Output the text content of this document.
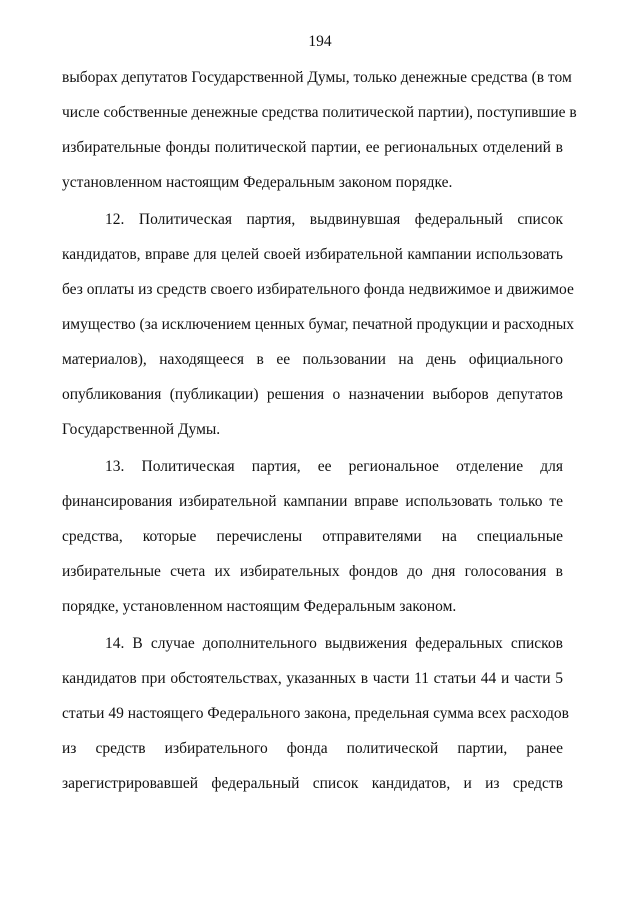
194
выборах депутатов Государственной Думы, только денежные средства (в том
числе собственные денежные средства политической партии), поступившие в
избирательные фонды политической партии, ее региональных отделений в
установленном настоящим Федеральным законом порядке.
12. Политическая партия, выдвинувшая федеральный список
кандидатов, вправе для целей своей избирательной кампании использовать
без оплаты из средств своего избирательного фонда недвижимое и движимое
имущество (за исключением ценных бумаг, печатной продукции и расходных
материалов), находящееся в ее пользовании на день официального
опубликования (публикации) решения о назначении выборов депутатов
Государственной Думы.
13. Политическая партия, ее региональное отделение для
финансирования избирательной кампании вправе использовать только те
средства, которые перечислены отправителями на специальные
избирательные счета их избирательных фондов до дня голосования в
порядке, установленном настоящим Федеральным законом.
14. В случае дополнительного выдвижения федеральных списков
кандидатов при обстоятельствах, указанных в части 11 статьи 44 и части 5
статьи 49 настоящего Федерального закона, предельная сумма всех расходов
из средств избирательного фонда политической партии, ранее
зарегистрировавшей федеральный список кандидатов, и из средств
